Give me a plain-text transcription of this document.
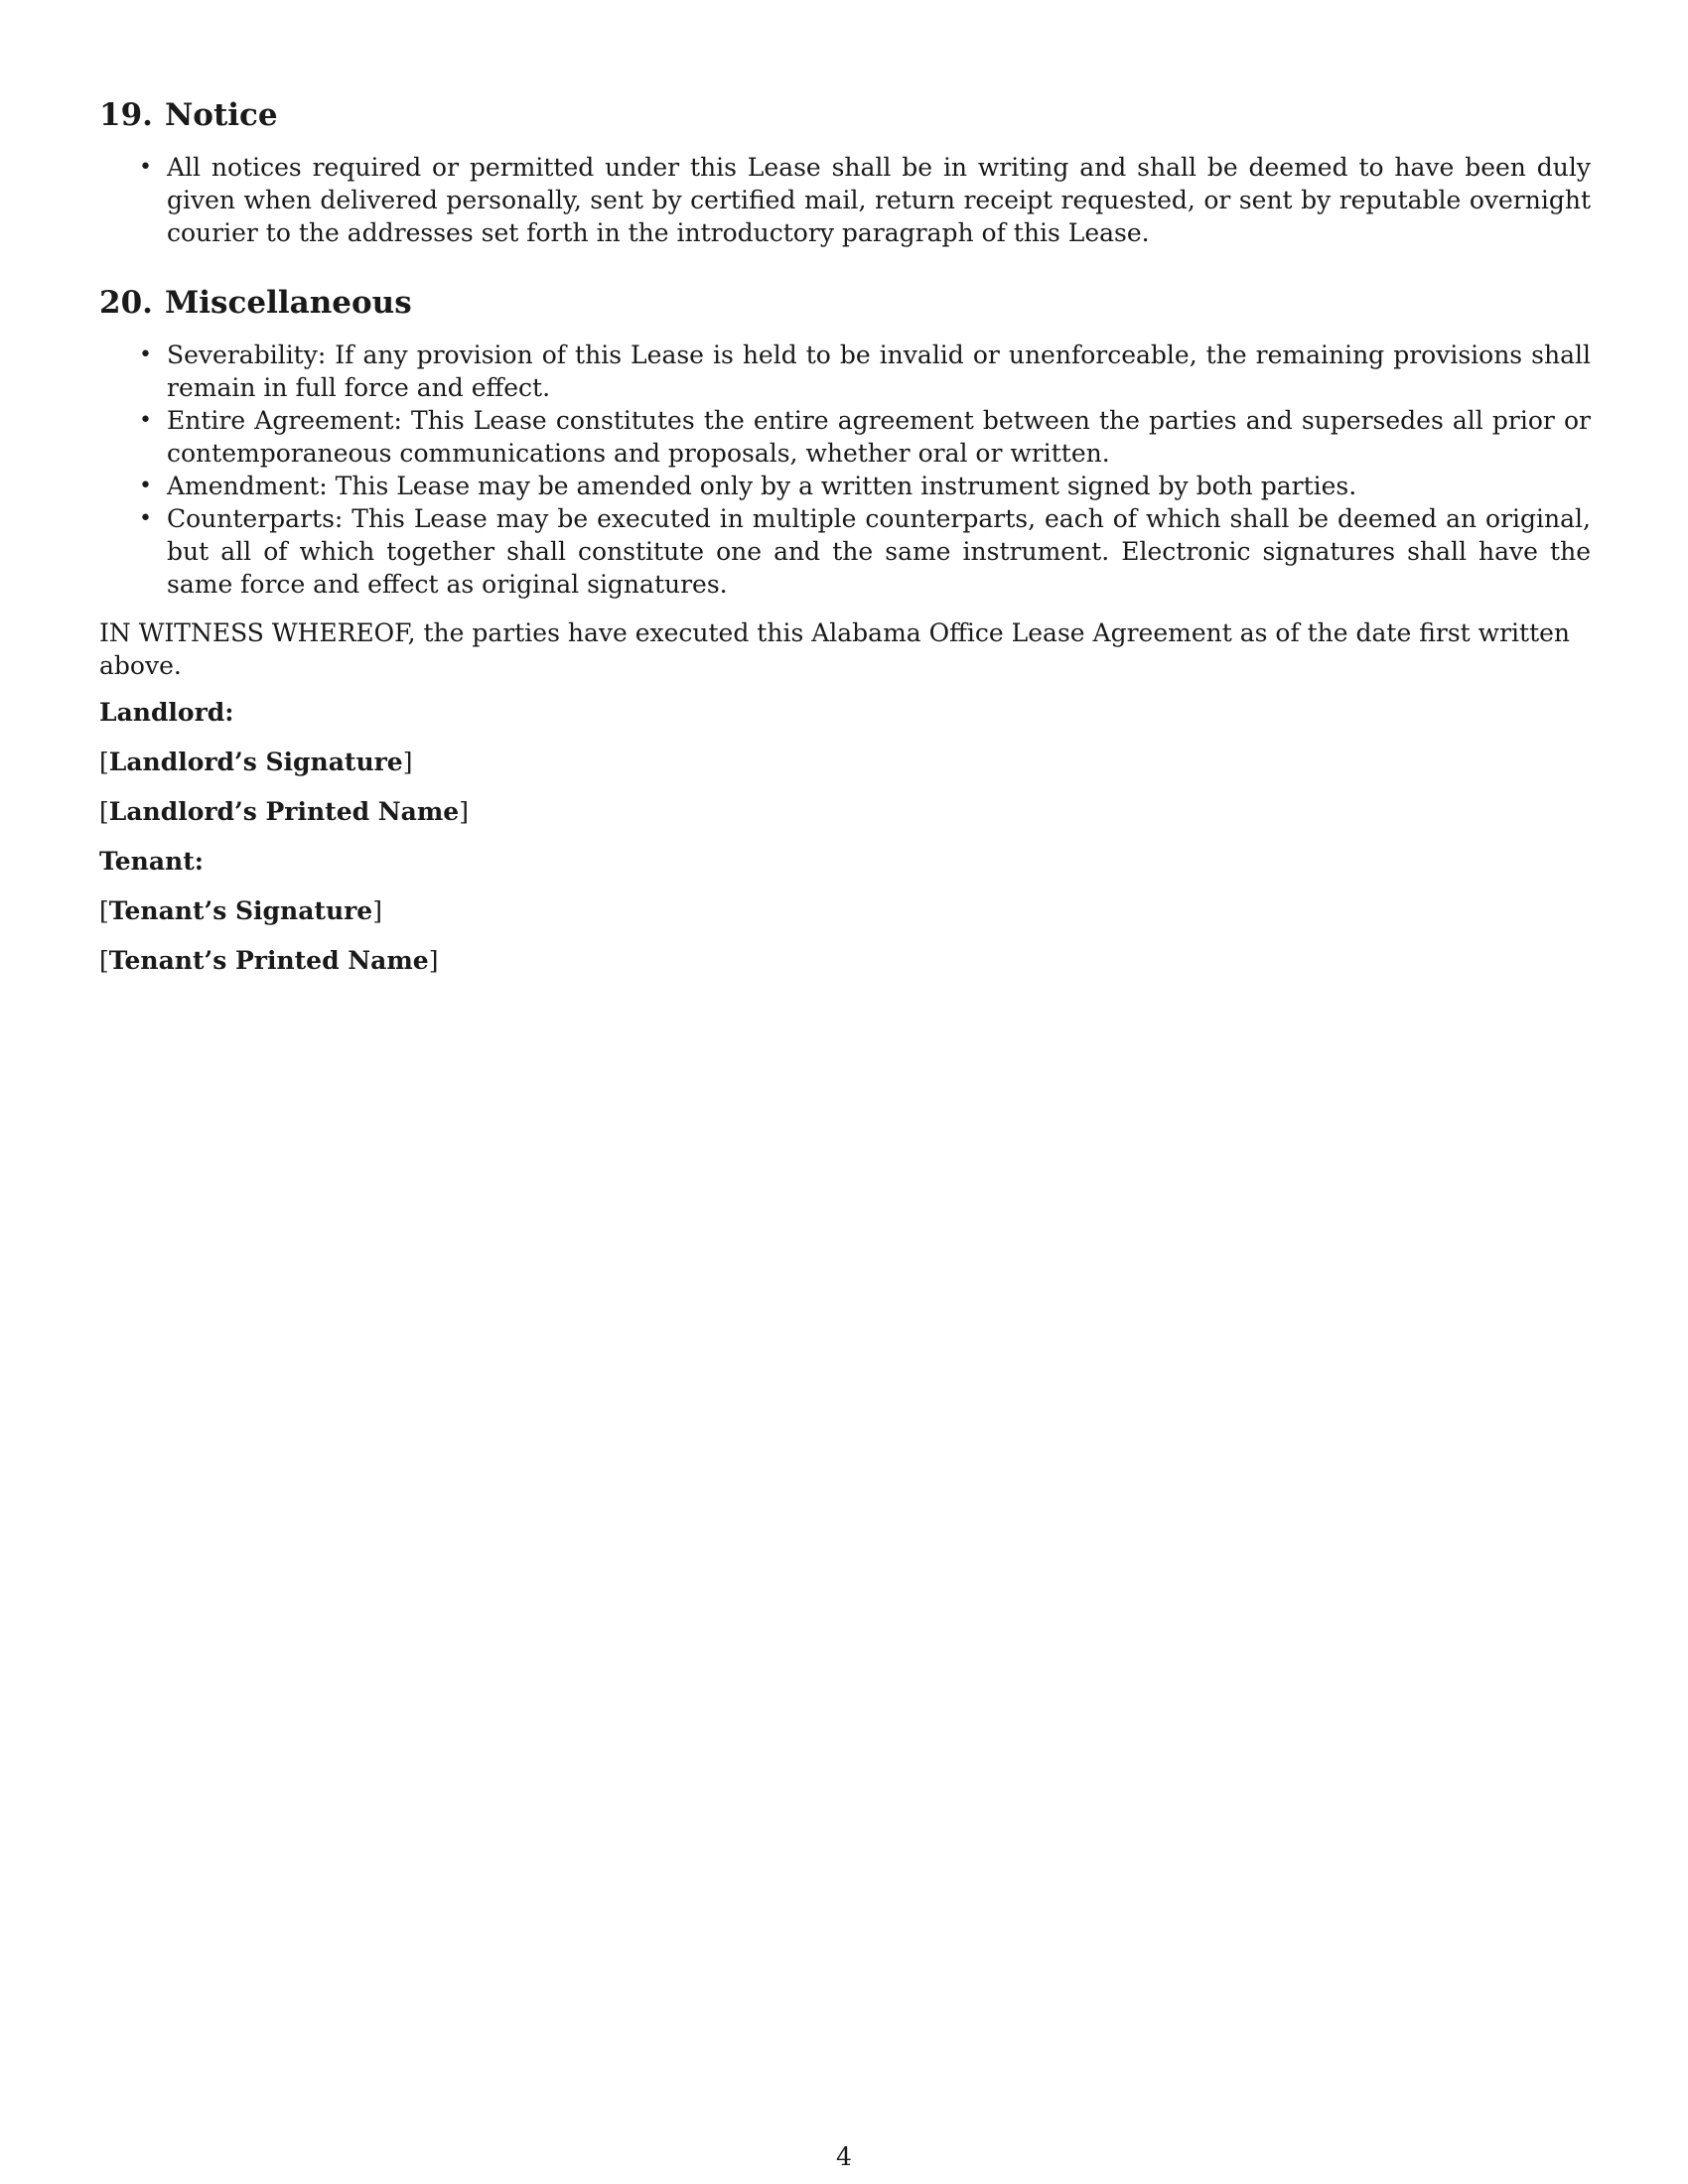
19. Notice
• All notices required or permitted under this Lease shall be in writing and shall be deemed to have been duly given when delivered personally, sent by certified mail, return receipt requested, or sent by reputable overnight courier to the addresses set forth in the introductory paragraph of this Lease.
20. Miscellaneous
• Severability: If any provision of this Lease is held to be invalid or unenforceable, the remaining provisions shall remain in full force and effect.
• Entire Agreement: This Lease constitutes the entire agreement between the parties and supersedes all prior or contemporaneous communications and proposals, whether oral or written.
• Amendment: This Lease may be amended only by a written instrument signed by both parties.
• Counterparts: This Lease may be executed in multiple counterparts, each of which shall be deemed an original, but all of which together shall constitute one and the same instrument. Electronic signatures shall have the same force and effect as original signatures.

IN WITNESS WHEREOF, the parties have executed this Alabama Office Lease Agreement as of the date first written above.

Landlord:

[Landlord’s Signature]

[Landlord’s Printed Name]

Tenant:

[Tenant’s Signature]

[Tenant’s Printed Name]

4
